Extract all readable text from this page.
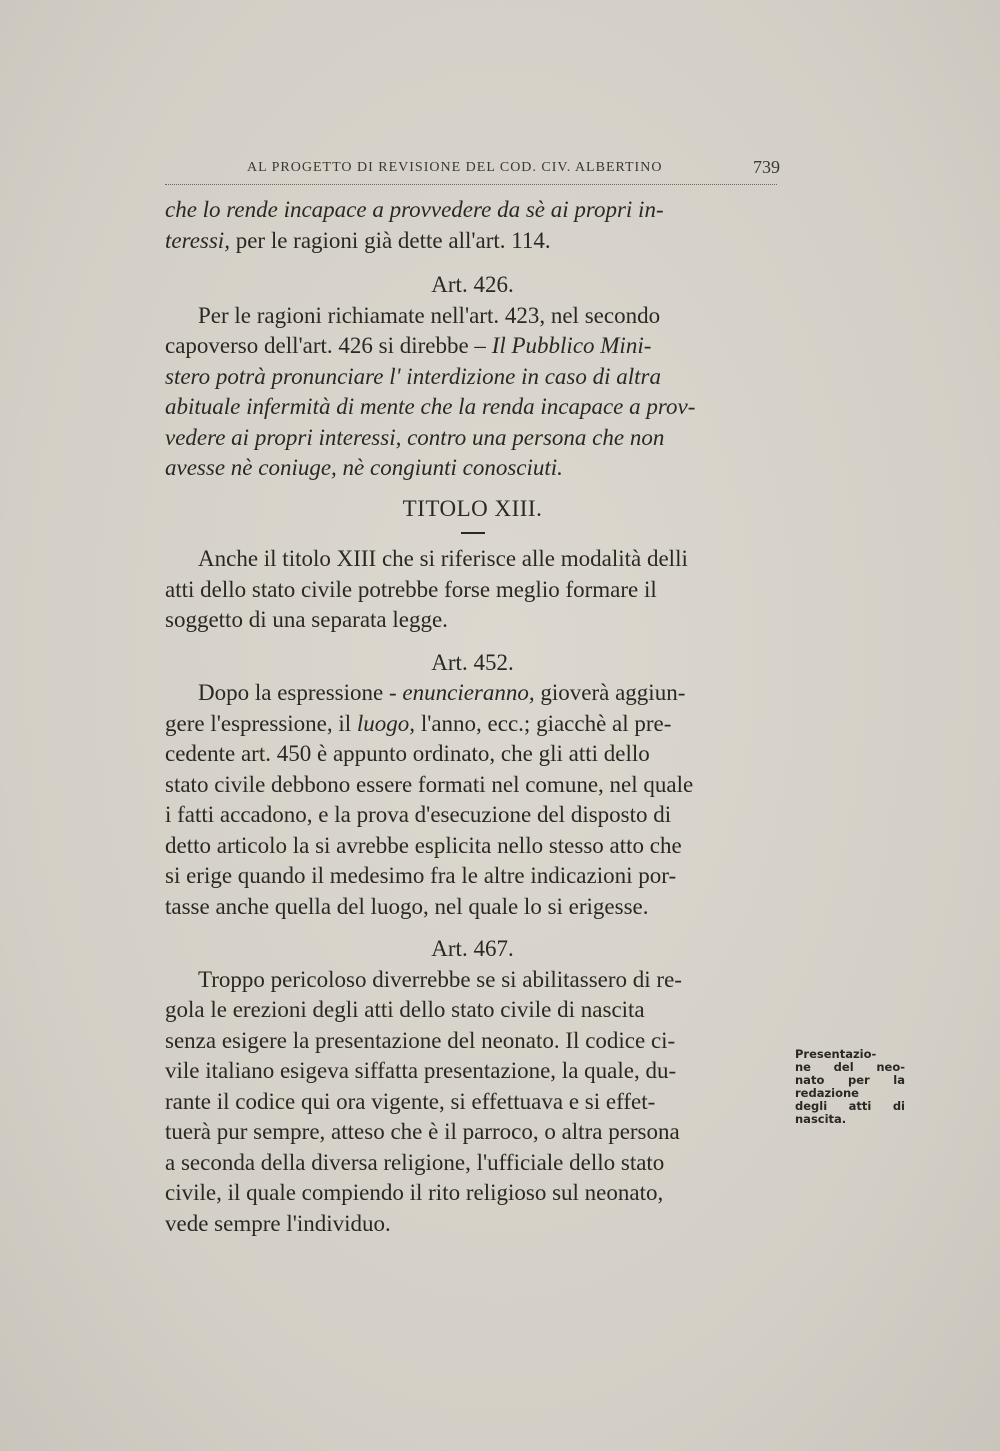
AL PROGETTO DI REVISIONE DEL COD. CIV. ALBERTINO	739

che lo rende incapace a provvedere da sè ai propri in-

teressi, per le ragioni già dette all'art. 114.

Art. 426.

Per le ragioni richiamate nell'art. 423, nel secondo

capoverso dell'art. 426 si direbbe – Il Pubblico Mini-

stero potrà pronunciare l' interdizione in caso di altra

abituale infermità di mente che la renda incapace a prov-

vedere ai propri interessi, contro una persona che non

avesse nè coniuge, nè congiunti conosciuti.

TITOLO XIII.

Anche il titolo XIII che si riferisce alle modalità delli

atti dello stato civile potrebbe forse meglio formare il

soggetto di una separata legge.

Art. 452.

Dopo la espressione - enuncieranno, gioverà aggiun-

gere l'espressione, il luogo, l'anno, ecc.; giacchè al pre-

cedente art. 450 è appunto ordinato, che gli atti dello

stato civile debbono essere formati nel comune, nel quale

i fatti accadono, e la prova d'esecuzione del disposto di

detto articolo la si avrebbe esplicita nello stesso atto che

si erige quando il medesimo fra le altre indicazioni por-

tasse anche quella del luogo, nel quale lo si erigesse.

Art. 467.

Troppo pericoloso diverrebbe se si abilitassero di re-

gola le erezioni degli atti dello stato civile di nascita

senza esigere la presentazione del neonato. Il codice ci-

vile italiano esigeva siffatta presentazione, la quale, du-

rante il codice qui ora vigente, si effettuava e si effet-

tuerà pur sempre, atteso che è il parroco, o altra persona

a seconda della diversa religione, l'ufficiale dello stato

civile, il quale compiendo il rito religioso sul neonato,

vede sempre l'individuo.

Presentazio-
ne del neo-
nato per la
redazione
degli atti di
nascita.
